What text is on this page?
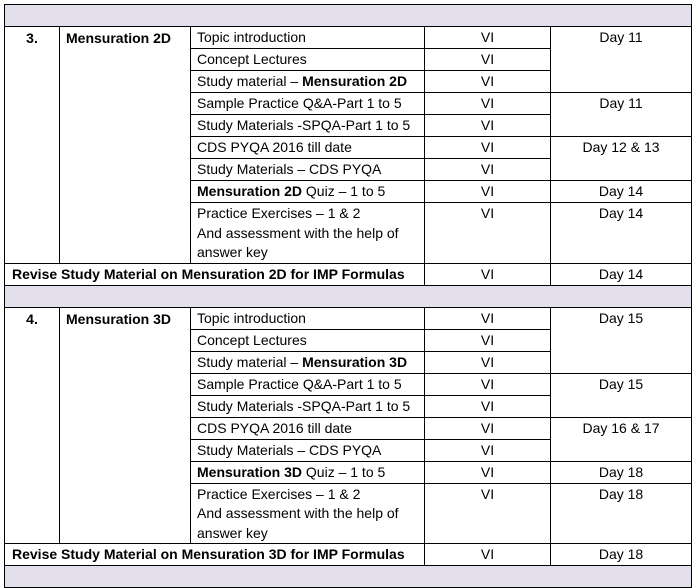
3.	Mensuration 2D	Topic introduction	VI	Day 11
		Concept Lectures	VI	
		Study material – Mensuration 2D	VI	
		Sample Practice Q&A-Part 1 to 5	VI	Day 11
		Study Materials -SPQA-Part 1 to 5	VI	
		CDS PYQA 2016 till date	VI	Day 12 & 13
		Study Materials – CDS PYQA	VI	
		Mensuration 2D Quiz – 1 to 5	VI	Day 14

		Practice Exercises – 1 & 2
And assessment with the help of
answer key	VI	Day 14
Revise Study Material on Mensuration 2D for IMP Formulas			VI	Day 14

4.	Mensuration 3D	Topic introduction	VI	Day 15
		Concept Lectures	VI	
		Study material – Mensuration 3D	VI	
		Sample Practice Q&A-Part 1 to 5	VI	Day 15
		Study Materials -SPQA-Part 1 to 5	VI	
		CDS PYQA 2016 till date	VI	Day 16 & 17
		Study Materials – CDS PYQA	VI	
		Mensuration 3D Quiz – 1 to 5	VI	Day 18

		Practice Exercises – 1 & 2
And assessment with the help of
answer key	VI	Day 18
Revise Study Material on Mensuration 3D for IMP Formulas			VI	Day 18
